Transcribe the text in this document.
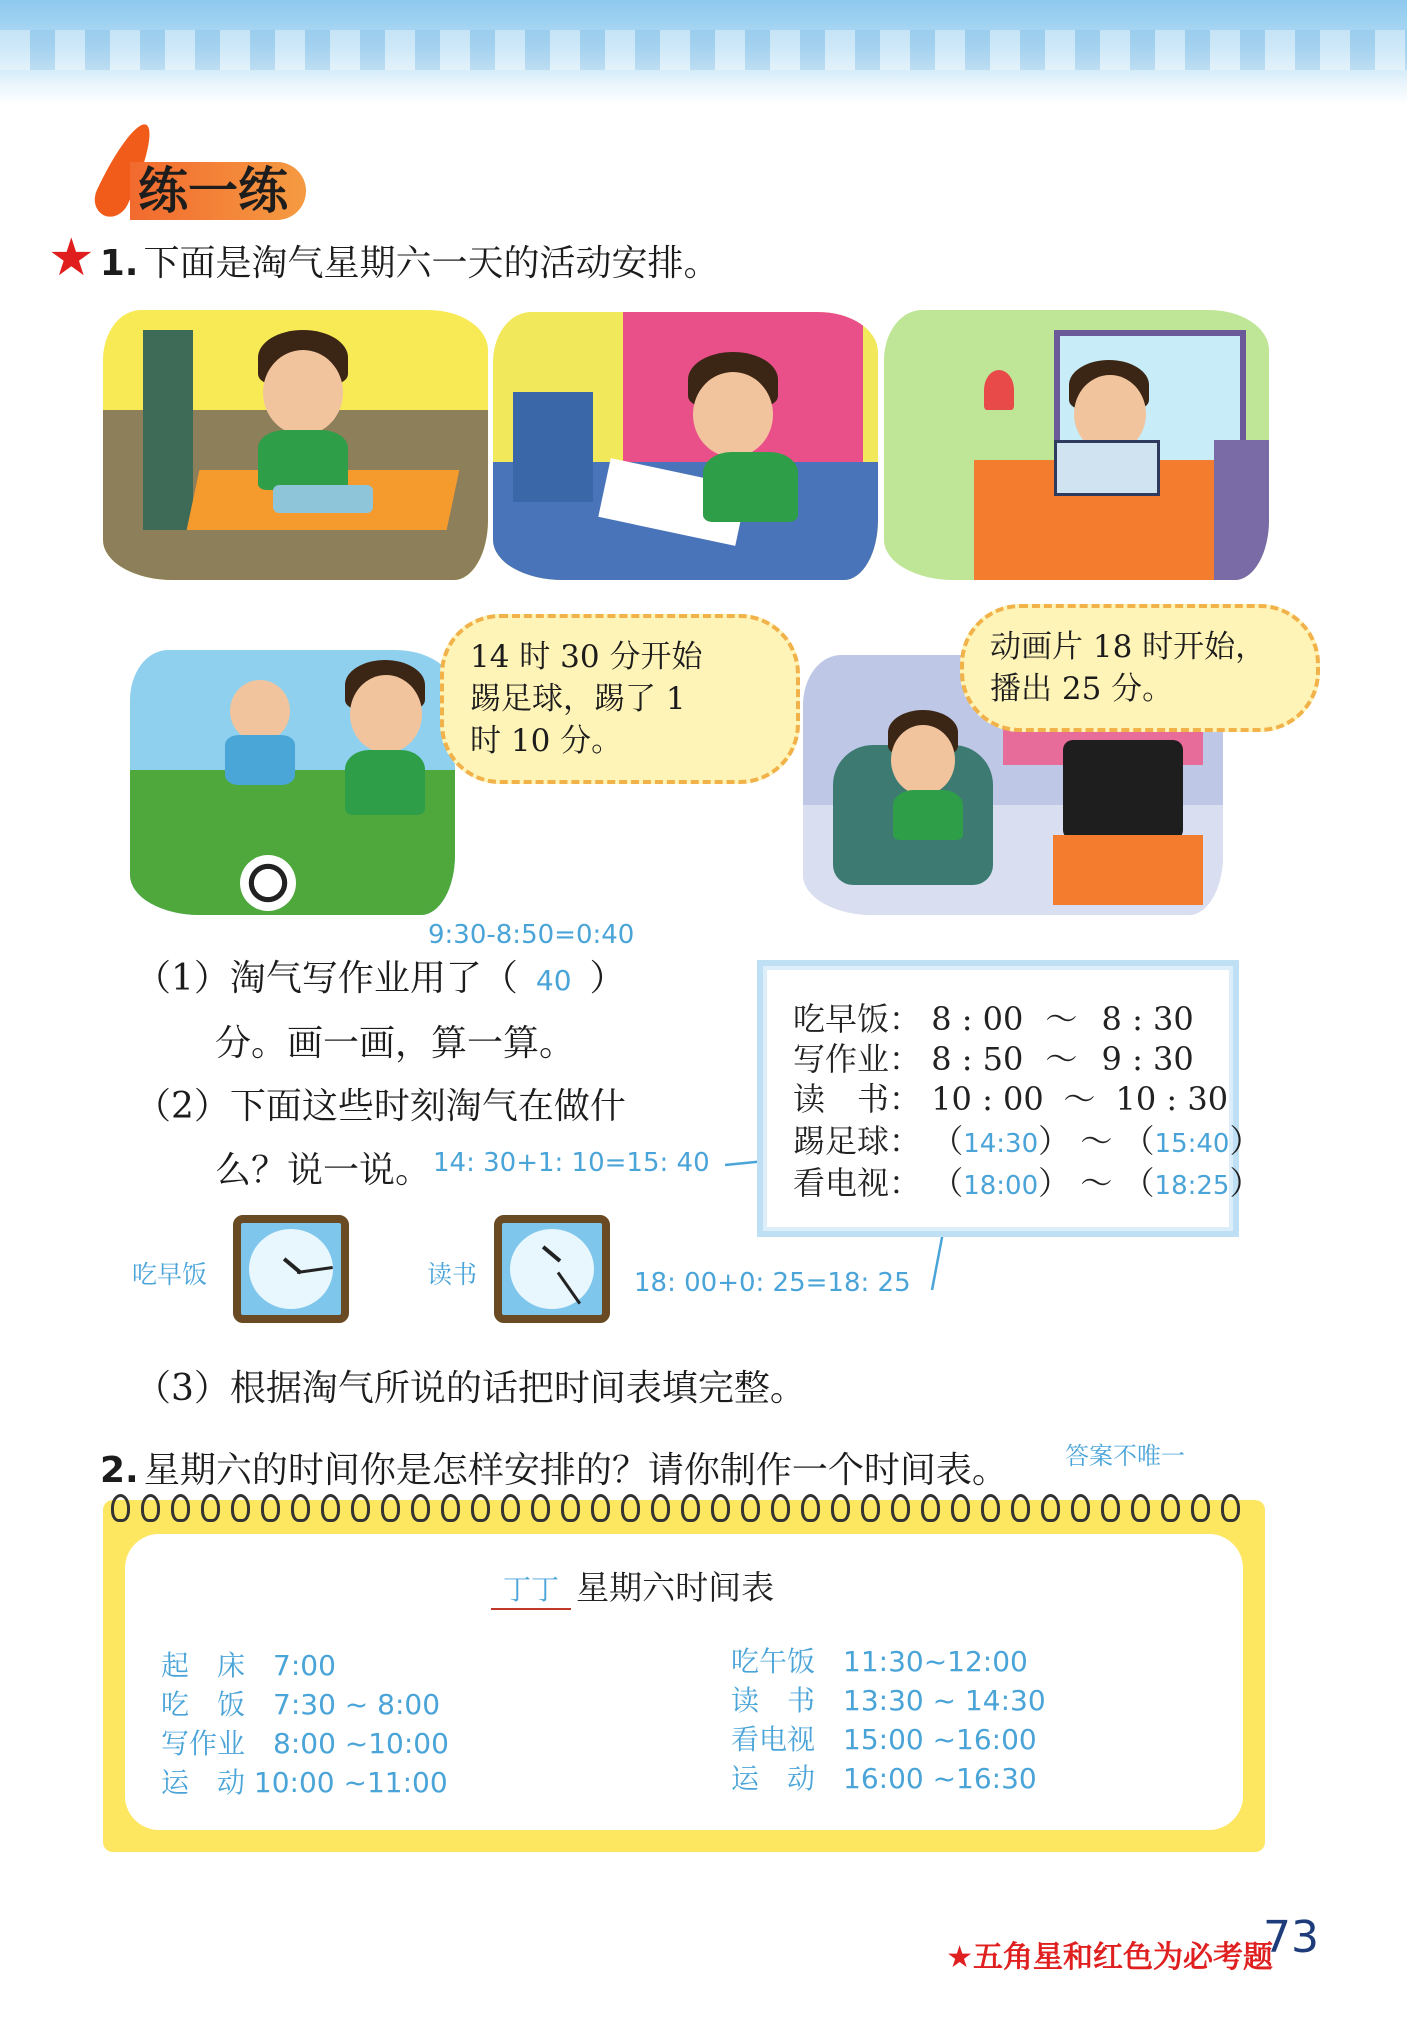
练一练
★ 1. 下面是淘气星期六一天的活动安排。
14 时 30 分开始
踢足球，踢了 1
时 10 分。
动画片 18 时开始，
播出 25 分。
9:30-8:50=0:40
（1）淘气写作业用了（ 40 ）
分。画一画，算一算。
（2）下面这些时刻淘气在做什
么？说一说。 14: 30+1: 10=15: 40
吃早饭	读书	18: 00+0: 25=18: 25
吃早饭： 8 : 00 ～ 8 : 30
写作业： 8 : 50 ～ 9 : 30
读　书： 10 : 00 ～ 10 : 30
踢足球： （14:30） ～ （15:40）
看电视： （18:00） ～ （18:25）
（3）根据淘气所说的话把时间表填完整。
2. 星期六的时间你是怎样安排的？请你制作一个时间表。 答案不唯一
丁丁 星期六时间表
起　床　7:00
吃　饭　7:30 ~ 8:00
写作业　8:00 ~10:00
运　动 10:00 ~11:00
吃午饭　11:30~12:00
读　书　13:30 ~ 14:30
看电视　15:00 ~16:00
运　动　16:00 ~16:30
★五角星和红色为必考题
73
